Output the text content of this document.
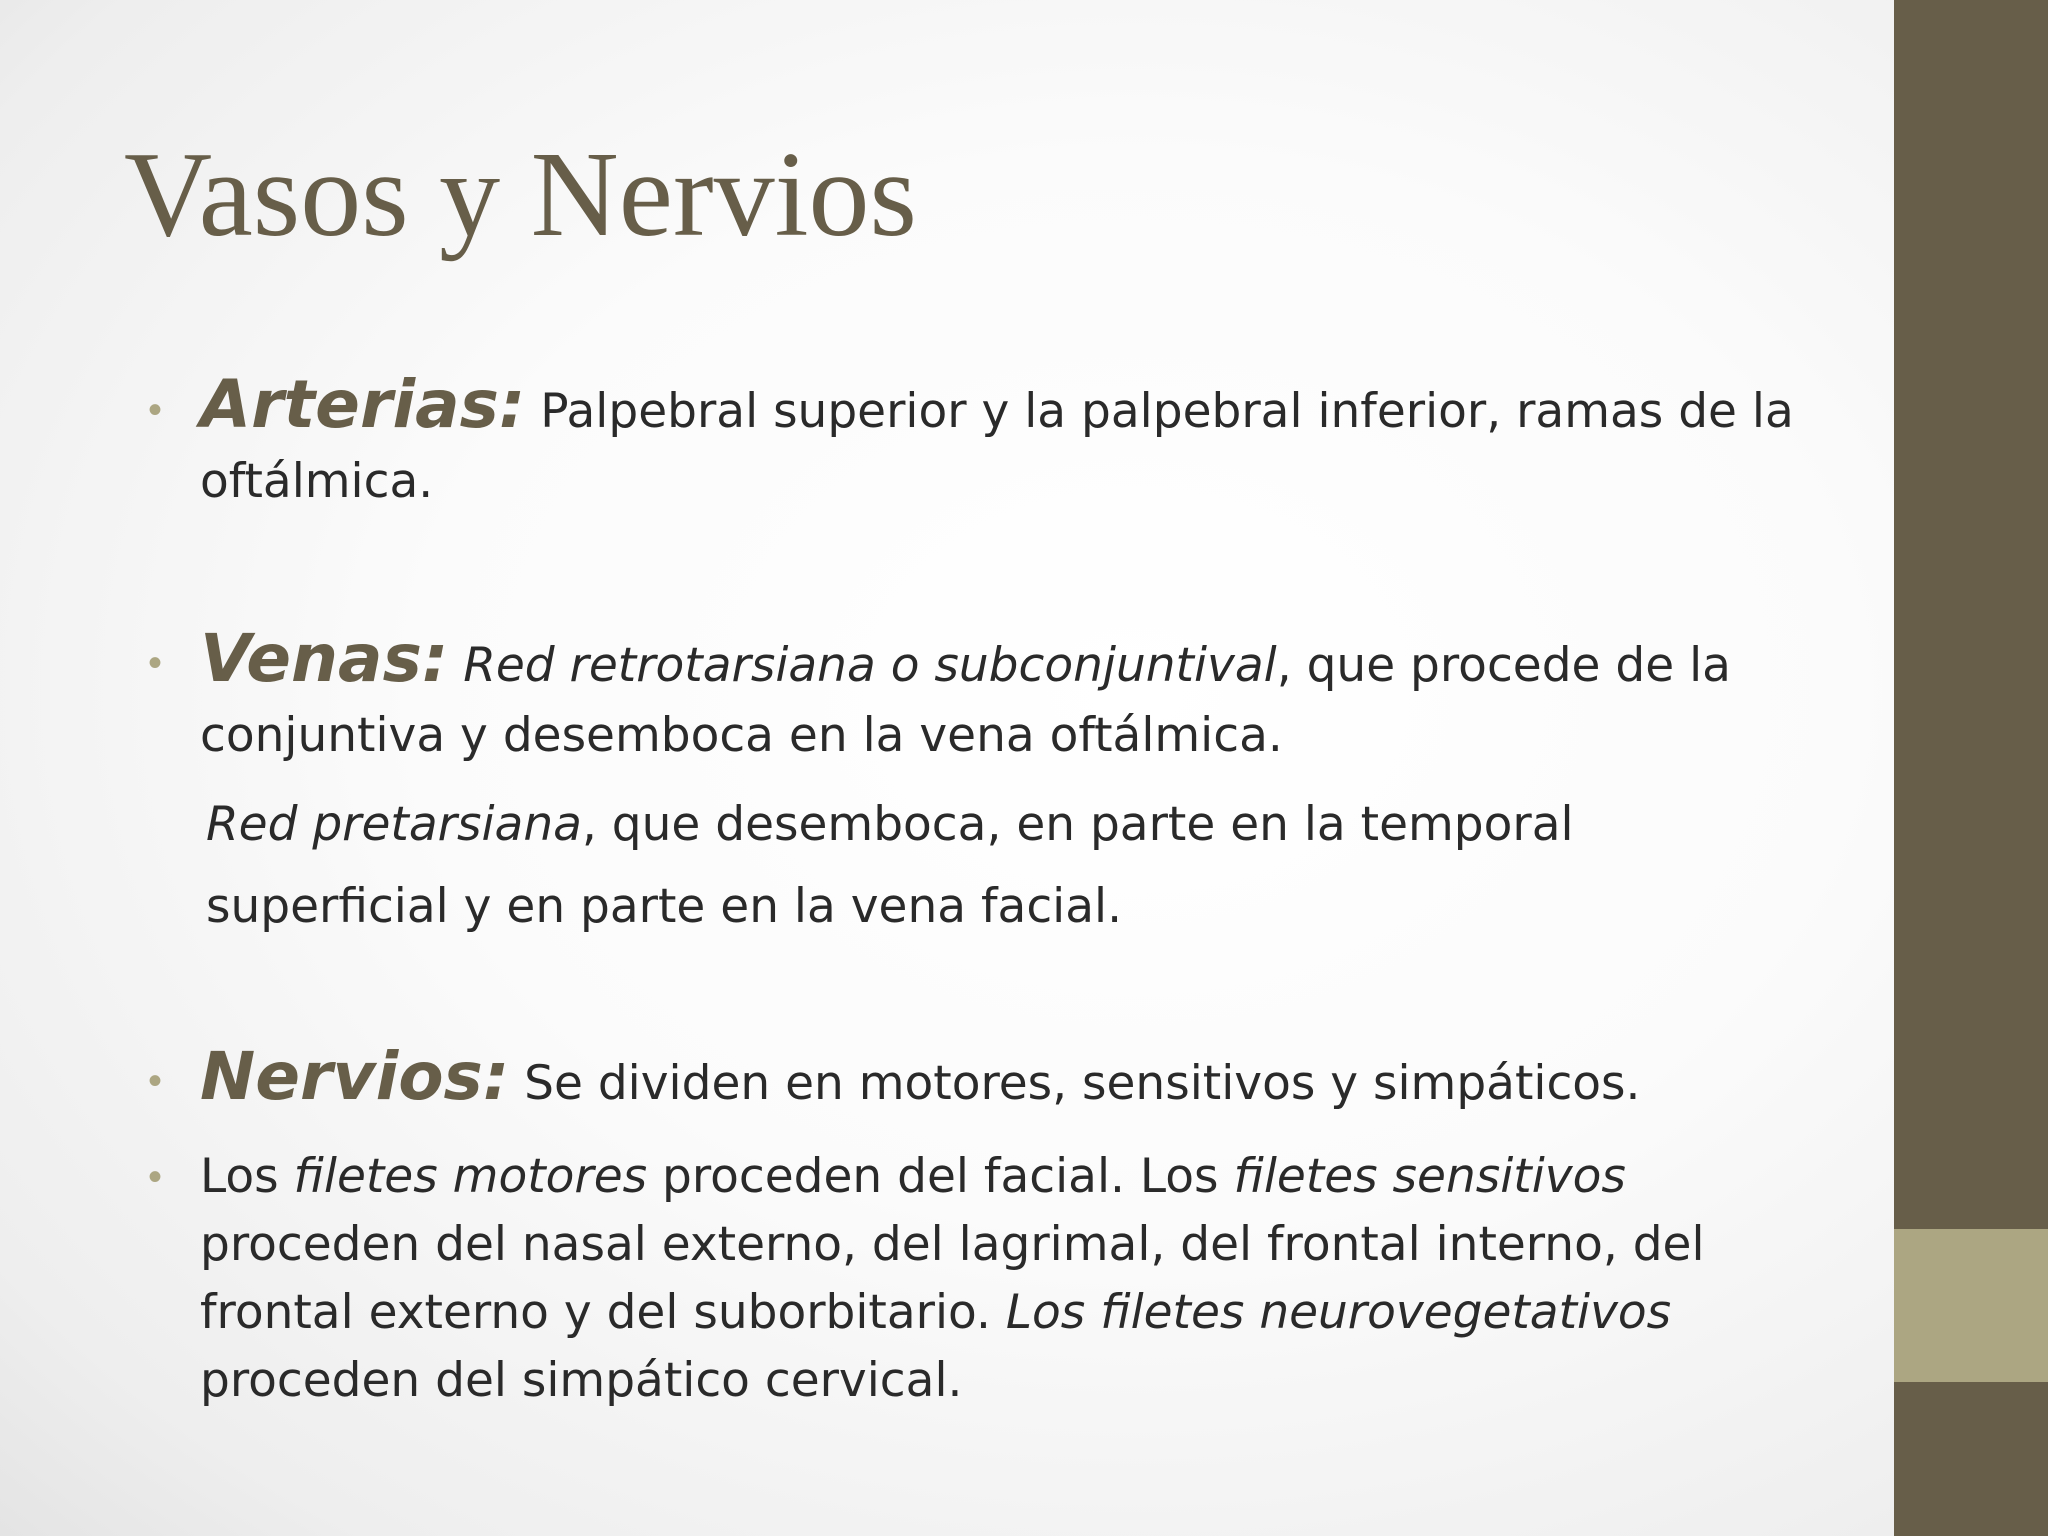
Vasos y Nervios
• Arterias: Palpebral superior y la palpebral inferior, ramas de la oftálmica.

• Venas: Red retrotarsiana o subconjuntival, que procede de la conjuntiva y desemboca en la vena oftálmica.

Red pretarsiana, que desemboca, en parte en la temporal superficial y en parte en la vena facial.

• Nervios: Se dividen en motores, sensitivos y simpáticos.

• Los filetes motores proceden del facial. Los filetes sensitivos proceden del nasal externo, del lagrimal, del frontal interno, del frontal externo y del suborbitario. Los filetes neurovegetativos proceden del simpático cervical.
